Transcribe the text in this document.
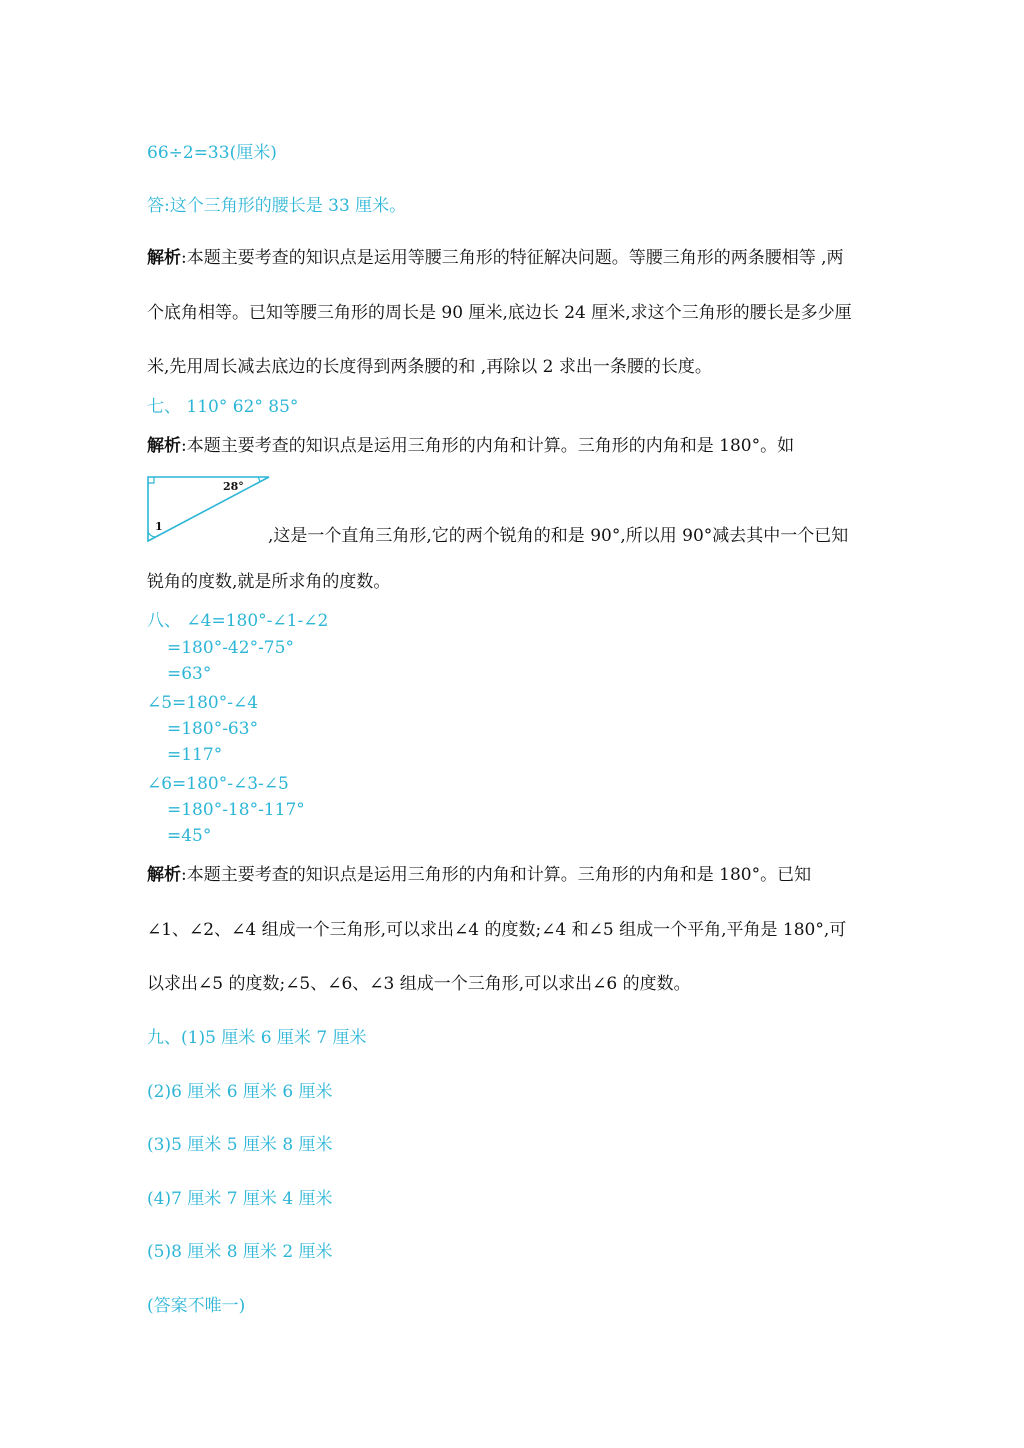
66÷2=33(厘米)
答:这个三角形的腰长是 33 厘米。
解析:本题主要考查的知识点是运用等腰三角形的特征解决问题。等腰三角形的两条腰相等 ,两
个底角相等。已知等腰三角形的周长是 90 厘米,底边长 24 厘米,求这个三角形的腰长是多少厘
米,先用周长减去底边的长度得到两条腰的和 ,再除以 2 求出一条腰的长度。
七、 110° 62° 85°
解析:本题主要考查的知识点是运用三角形的内角和计算。三角形的内角和是 180°。如
28°
1	,这是一个直角三角形,它的两个锐角的和是 90°,所以用 90°减去其中一个已知
锐角的度数,就是所求角的度数。
八、 ∠4=180°-∠1-∠2
=180°-42°-75°
=63°
∠5=180°-∠4
=180°-63°
=117°
∠6=180°-∠3-∠5
=180°-18°-117°
=45°
解析:本题主要考查的知识点是运用三角形的内角和计算。三角形的内角和是 180°。已知
∠1、∠2、∠4 组成一个三角形,可以求出∠4 的度数;∠4 和∠5 组成一个平角,平角是 180°,可
以求出∠5 的度数;∠5、∠6、∠3 组成一个三角形,可以求出∠6 的度数。
九、(1)5 厘米 6 厘米 7 厘米
(2)6 厘米 6 厘米 6 厘米
(3)5 厘米 5 厘米 8 厘米
(4)7 厘米 7 厘米 4 厘米
(5)8 厘米 8 厘米 2 厘米
(答案不唯一)
